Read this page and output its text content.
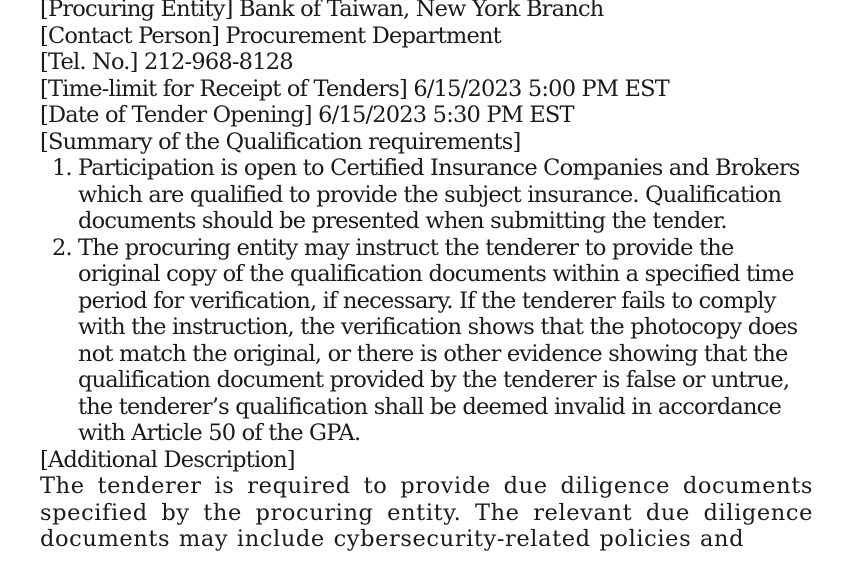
[Procuring Entity] Bank of Taiwan, New York Branch
[Contact Person] Procurement Department
[Tel. No.] 212-968-8128
[Time-limit for Receipt of Tenders] 6/15/2023 5:00 PM EST
[Date of Tender Opening] 6/15/2023 5:30 PM EST
[Summary of the Qualification requirements]
1. Participation is open to Certified Insurance Companies and Brokers which are qualified to provide the subject insurance. Qualification documents should be presented when submitting the tender.
2. The procuring entity may instruct the tenderer to provide the original copy of the qualification documents within a specified time period for verification, if necessary. If the tenderer fails to comply with the instruction, the verification shows that the photocopy does not match the original, or there is other evidence showing that the qualification document provided by the tenderer is false or untrue, the tenderer’s qualification shall be deemed invalid in accordance with Article 50 of the GPA.
[Additional Description]
The tenderer is required to provide due diligence documents specified by the procuring entity. The relevant due diligence documents may include cybersecurity-related policies and
